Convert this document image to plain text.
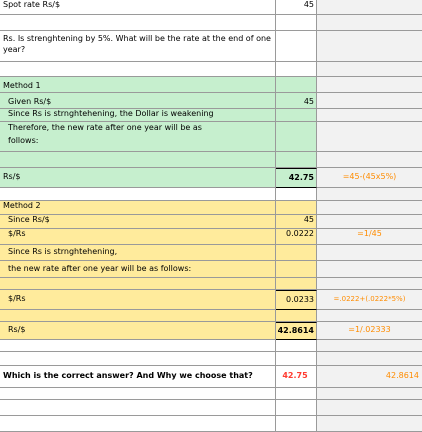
Spot rate Rs/$	45
Rs. Is strenghtening by 5%. What will be the rate at the end of one year?
Method 1
Given Rs/$	45
Since Rs is strnghtehening, the Dollar is weakening
Therefore, the new rate after one year will be as follows:
Rs/$	42.75	=45-(45x5%)
Method 2
Since Rs/$	45
$/Rs	0.0222	=1/45
Since Rs is strnghtehening,
the new rate after one year will be as follows:
$/Rs	0.0233	=.0222+(.0222*5%)
Rs/$	42.8614	=1/.02333
Which is the correct answer? And Why we choose that?	42.75	42.8614
